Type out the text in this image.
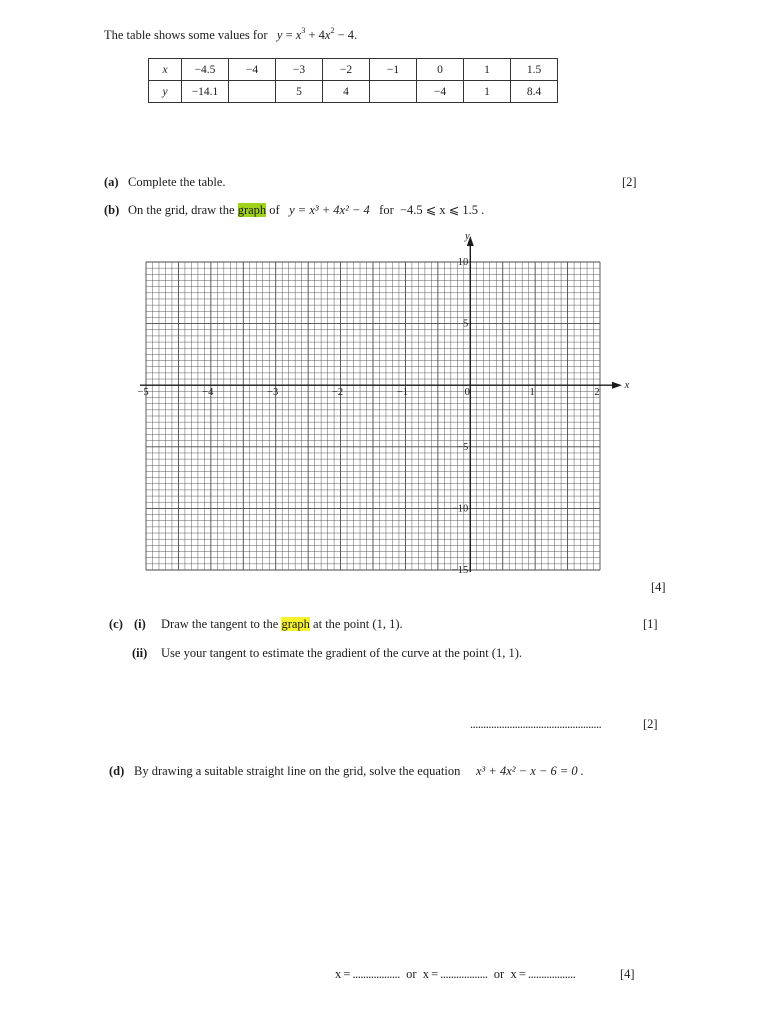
The table shows some values for $y = x^3 + 4x^2 - 4$.
x	−4.5	−4	−3	−2	−1	0	1	1.5
y	−14.1		5	4		−4	1	8.4
(a) Complete the table.	[2]
(b) On the grid, draw the graph of y = x³ + 4x² − 4 for −4.5 ⩽ x ⩽ 1.5 .
x
y
−5	−4	−3	−2	−1	0	1	2
10
5
−5
−10
−15
[4]
(c) (i) Draw the tangent to the graph at the point (1, 1).	[1]
(ii) Use your tangent to estimate the gradient of the curve at the point (1, 1).
..................................................	[2]
(d) By drawing a suitable straight line on the grid, solve the equation x³ + 4x² − x − 6 = 0 .
x = .................. or x = .................. or x = ..................	[4]
